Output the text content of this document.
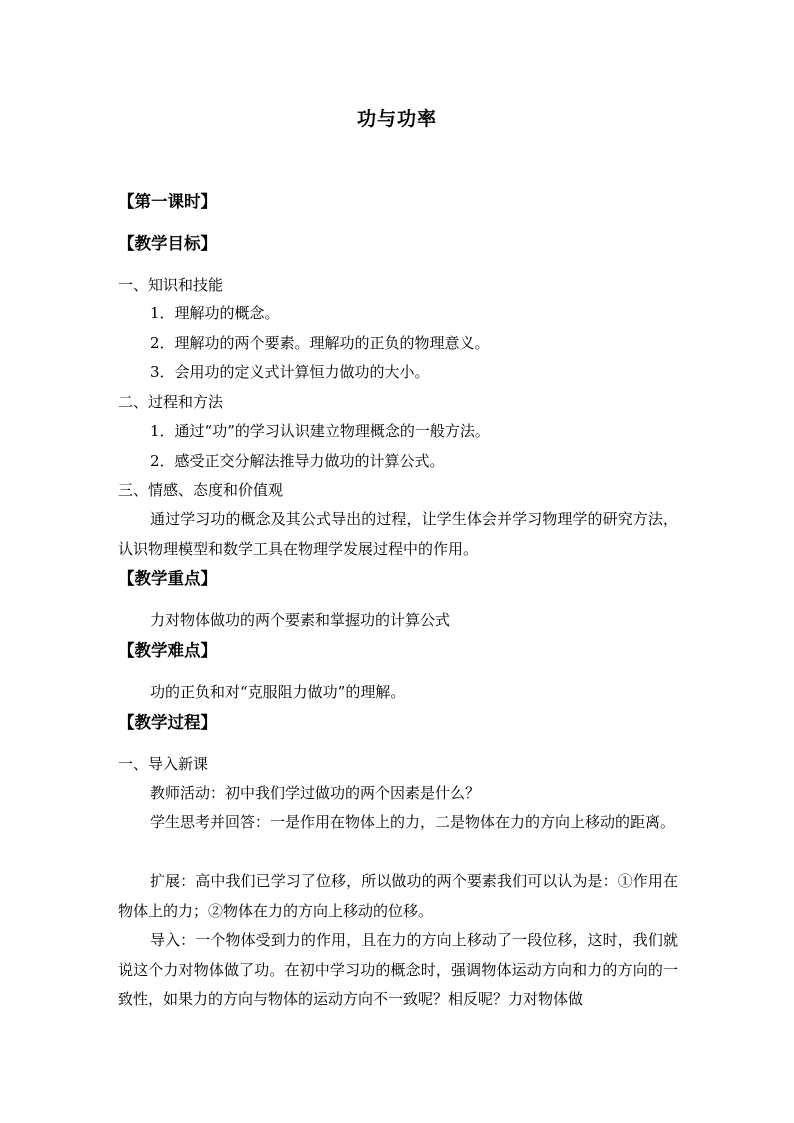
功与功率
【第一课时】
【教学目标】
一、知识和技能
1．理解功的概念。
2．理解功的两个要素。理解功的正负的物理意义。
3．会用功的定义式计算恒力做功的大小。
二、过程和方法
1．通过“功”的学习认识建立物理概念的一般方法。
2．感受正交分解法推导力做功的计算公式。
三、情感、态度和价值观
通过学习功的概念及其公式导出的过程，让学生体会并学习物理学的研究方法，认识物理模型和数学工具在物理学发展过程中的作用。
【教学重点】
力对物体做功的两个要素和掌握功的计算公式
【教学难点】
功的正负和对“克服阻力做功”的理解。
【教学过程】
一、导入新课
教师活动：初中我们学过做功的两个因素是什么？
学生思考并回答：一是作用在物体上的力，二是物体在力的方向上移动的距离。
扩展：高中我们已学习了位移，所以做功的两个要素我们可以认为是：①作用在物体上的力；②物体在力的方向上移动的位移。
导入：一个物体受到力的作用，且在力的方向上移动了一段位移，这时，我们就说这个力对物体做了功。在初中学习功的概念时，强调物体运动方向和力的方向的一致性，如果力的方向与物体的运动方向不一致呢？相反呢？力对物体做
